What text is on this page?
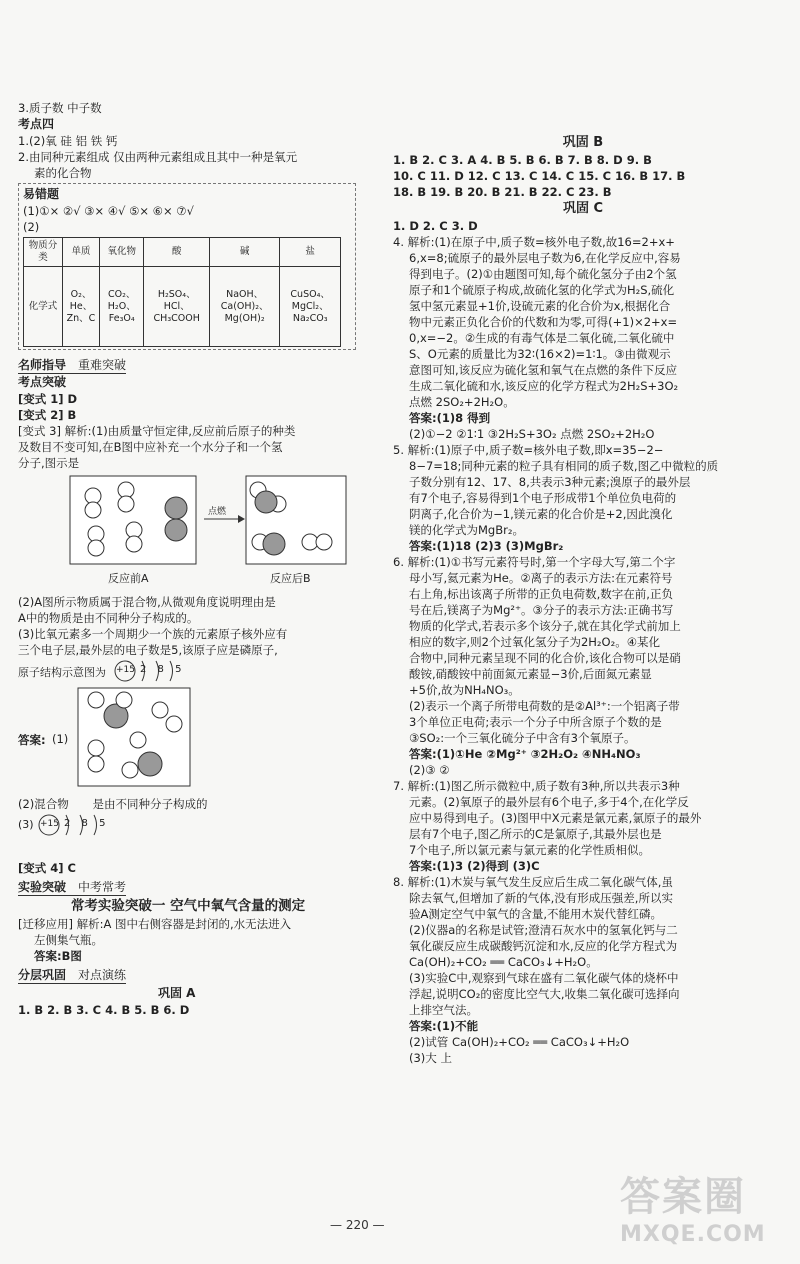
3.质子数 中子数
考点四
1.(2)氧 硅 铝 铁 钙
2.由同种元素组成 仅由两种元素组成且其中一种是氧元
素的化合物
易错题
(1)①× ②√ ③× ④√ ⑤× ⑥× ⑦√
(2)
物质分类	单质	氧化物	酸	碱	盐
化学式	O₂、He、Zn、C	CO₂、H₂O、Fe₃O₄	H₂SO₄、HCl、CH₃COOH	NaOH、Ca(OH)₂、Mg(OH)₂	CuSO₄、MgCl₂、Na₂CO₃
名师指导 重难突破
考点突破
[变式 1] D
[变式 2] B
[变式 3] 解析:(1)由质量守恒定律,反应前后原子的种类
及数目不变可知,在B图中应补充一个水分子和一个氢
分子,图示是
点燃
反应前A	反应后B
(2)A图所示物质属于混合物,从微观角度说明理由是
A中的物质是由不同种分子构成的。
(3)比氧元素多一个周期少一个族的元素原子核外应有
三个电子层,最外层的电子数是5,该原子应是磷原子,
原子结构示意图为 +15 2 8 5
答案: (1)
(2)混合物 是由不同种分子构成的
(3) +15 2 8 5
[变式 4] C
实验突破 中考常考
常考实验突破一 空气中氧气含量的测定
[迁移应用] 解析:A 图中右侧容器是封闭的,水无法进入
左侧集气瓶。
答案:B图
分层巩固 对点演练
巩固 A
1. B 2. B 3. C 4. B 5. B 6. D
巩固 B
1. B 2. C 3. A 4. B 5. B 6. B 7. B 8. D 9. B
10. C 11. D 12. C 13. C 14. C 15. C 16. B 17. B
18. B 19. B 20. B 21. B 22. C 23. B
巩固 C
1. D 2. C 3. D
4. 解析:(1)在原子中,质子数=核外电子数,故16=2+x+
6,x=8;硫原子的最外层电子数为6,在化学反应中,容易
得到电子。(2)①由题图可知,每个硫化氢分子由2个氢
原子和1个硫原子构成,故硫化氢的化学式为H₂S,硫化
氢中氢元素显+1价,设硫元素的化合价为x,根据化合
物中元素正负化合价的代数和为零,可得(+1)×2+x=
0,x=−2。②生成的有毒气体是二氧化硫,二氧化硫中
S、O元素的质量比为32∶(16×2)=1∶1。③由微观示
意图可知,该反应为硫化氢和氧气在点燃的条件下反应
生成二氧化硫和水,该反应的化学方程式为2H₂S+3O₂
点燃 2SO₂+2H₂O。
答案:(1)8 得到
(2)①−2 ②1∶1 ③2H₂S+3O₂ 点燃 2SO₂+2H₂O
5. 解析:(1)原子中,质子数=核外电子数,即x=35−2−
8−7=18;同种元素的粒子具有相同的质子数,图乙中微粒的质
子数分别有12、17、8,共表示3种元素;溴原子的最外层
有7个电子,容易得到1个电子形成带1个单位负电荷的
阴离子,化合价为−1,镁元素的化合价是+2,因此溴化
镁的化学式为MgBr₂。
答案:(1)18 (2)3 (3)MgBr₂
6. 解析:(1)①书写元素符号时,第一个字母大写,第二个字
母小写,氦元素为He。②离子的表示方法:在元素符号
右上角,标出该离子所带的正负电荷数,数字在前,正负
号在后,镁离子为Mg²⁺。③分子的表示方法:正确书写
物质的化学式,若表示多个该分子,就在其化学式前加上
相应的数字,则2个过氧化氢分子为2H₂O₂。④某化
合物中,同种元素呈现不同的化合价,该化合物可以是硝
酸铵,硝酸铵中前面氮元素显−3价,后面氮元素显
+5价,故为NH₄NO₃。
(2)表示一个离子所带电荷数的是②Al³⁺:一个铝离子带
3个单位正电荷;表示一个分子中所含原子个数的是
③SO₂:一个三氧化硫分子中含有3个氧原子。
答案:(1)①He ②Mg²⁺ ③2H₂O₂ ④NH₄NO₃
(2)③ ②
7. 解析:(1)图乙所示微粒中,质子数有3种,所以共表示3种
元素。(2)氧原子的最外层有6个电子,多于4个,在化学反
应中易得到电子。(3)图甲中X元素是氯元素,氯原子的最外
层有7个电子,图乙所示的C是氯原子,其最外层也是
7个电子,所以氯元素与氯元素的化学性质相似。
答案:(1)3 (2)得到 (3)C
8. 解析:(1)木炭与氧气发生反应后生成二氧化碳气体,虽
除去氧气,但增加了新的气体,没有形成压强差,所以实
验A测定空气中氧气的含量,不能用木炭代替红磷。
(2)仪器a的名称是试管;澄清石灰水中的氢氧化钙与二
氧化碳反应生成碳酸钙沉淀和水,反应的化学方程式为
Ca(OH)₂+CO₂ ══ CaCO₃↓+H₂O。
(3)实验C中,观察到气球在盛有二氧化碳气体的烧杯中
浮起,说明CO₂的密度比空气大,收集二氧化碳可选择向
上排空气法。
答案:(1)不能
(2)试管 Ca(OH)₂+CO₂ ══ CaCO₃↓+H₂O
(3)大 上
— 220 —
答案圈
MXQE.COM
